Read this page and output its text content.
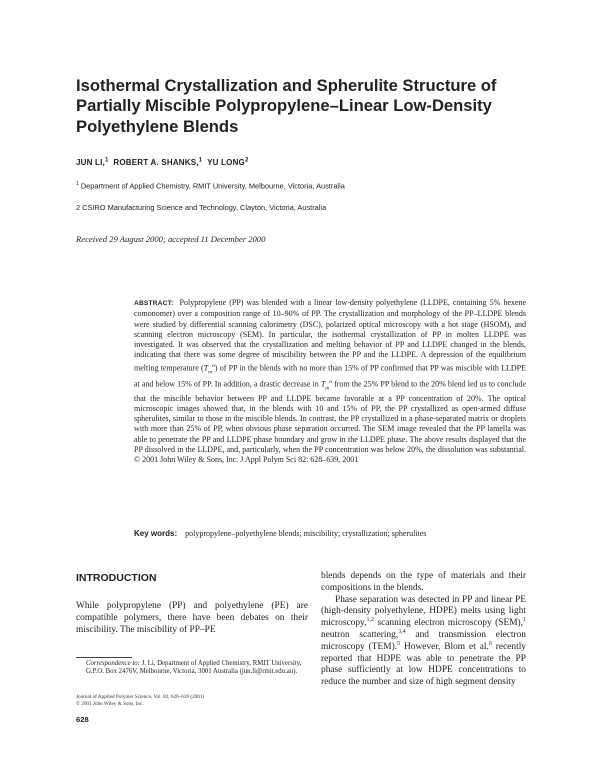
Isothermal Crystallization and Spherulite Structure of Partially Miscible Polypropylene–Linear Low-Density Polyethylene Blends
JUN LI,$^1$ ROBERT A. SHANKS,$^1$ YU LONG$^2$
$^1$ Department of Applied Chemistry, RMIT University, Melbourne, Victoria, Australia
2 CSIRO Manufacturing Science and Technology, Clayton, Victoria, Australia
Received 29 August 2000; accepted 11 December 2000
ABSTRACT: Polypropylene (PP) was blended with a linear low-density polyethylene (LLDPE, containing 5% hexene comonomer) over a composition range of 10–90% of PP. The crystallization and morphology of the PP–LLDPE blends were studied by differential scanning calorimetry (DSC), polarized optical microscopy with a hot stage (HSOM), and scanning electron microscopy (SEM). In particular, the isothermal crystallization of PP in molten LLDPE was investigated. It was observed that the crystallization and melting behavior of PP and LLDPE changed in the blends, indicating that there was some degree of miscibility between the PP and the LLDPE. A depression of the equilibrium melting temperature $(T_m^o)$ of PP in the blends with no more than 15% of PP confirmed that PP was miscible with LLDPE at and below 15% of PP. In addition, a drastic decrease in $T_m^o$ from the 25% PP blend to the 20% blend led us to conclude that the miscible behavior between PP and LLDPE became favorable at a PP concentration of 20%. The optical microscopic images showed that, in the blends with 10 and 15% of PP, the PP crystallized as open-armed diffuse spherulites, similar to those in the miscible blends. In contrast, the PP crystallized in a phase-separated matrix or droplets with more than 25% of PP, when obvious phase separation occurred. The SEM image revealed that the PP lamella was able to penetrate the PP and LLDPE phase boundary and grow in the LLDPE phase. The above results displayed that the PP dissolved in the LLDPE, and, particularly, when the PP concentration was below 20%, the dissolution was substantial. © 2001 John Wiley & Sons, Inc. J Appl Polym Sci 82: 628–639, 2001
Key words: polypropylene–polyethylene blends; miscibility; crystallization; spherulites
INTRODUCTION

While polypropylene (PP) and polyethylene (PE) are compatible polymers, there have been debates on their miscibility. The miscibility of PP–PE

blends depends on the type of materials and their compositions in the blends.

Phase separation was detected in PP and linear PE (high-density polyethylene, HDPE) melts using light microscopy,$^{1,2}$ scanning electron microscopy (SEM),$^1$ neutron scattering,$^{3,4}$ and transmission electron microscopy (TEM).$^5$ However, Blom et al.$^6$ recently reported that HDPE was able to penetrate the PP phase sufficiently at low HDPE concentrations to reduce the number and size of high segment density

Correspondence to: J. Li, Department of Applied Chemistry, RMIT University, G.P.O. Box 2476V, Melbourne, Victoria, 3001 Australia (jun.li@rmit.edu.au).
Journal of Applied Polymer Science, Vol. 82, 628–639 (2001)
© 2001 John Wiley & Sons, Inc.
628
